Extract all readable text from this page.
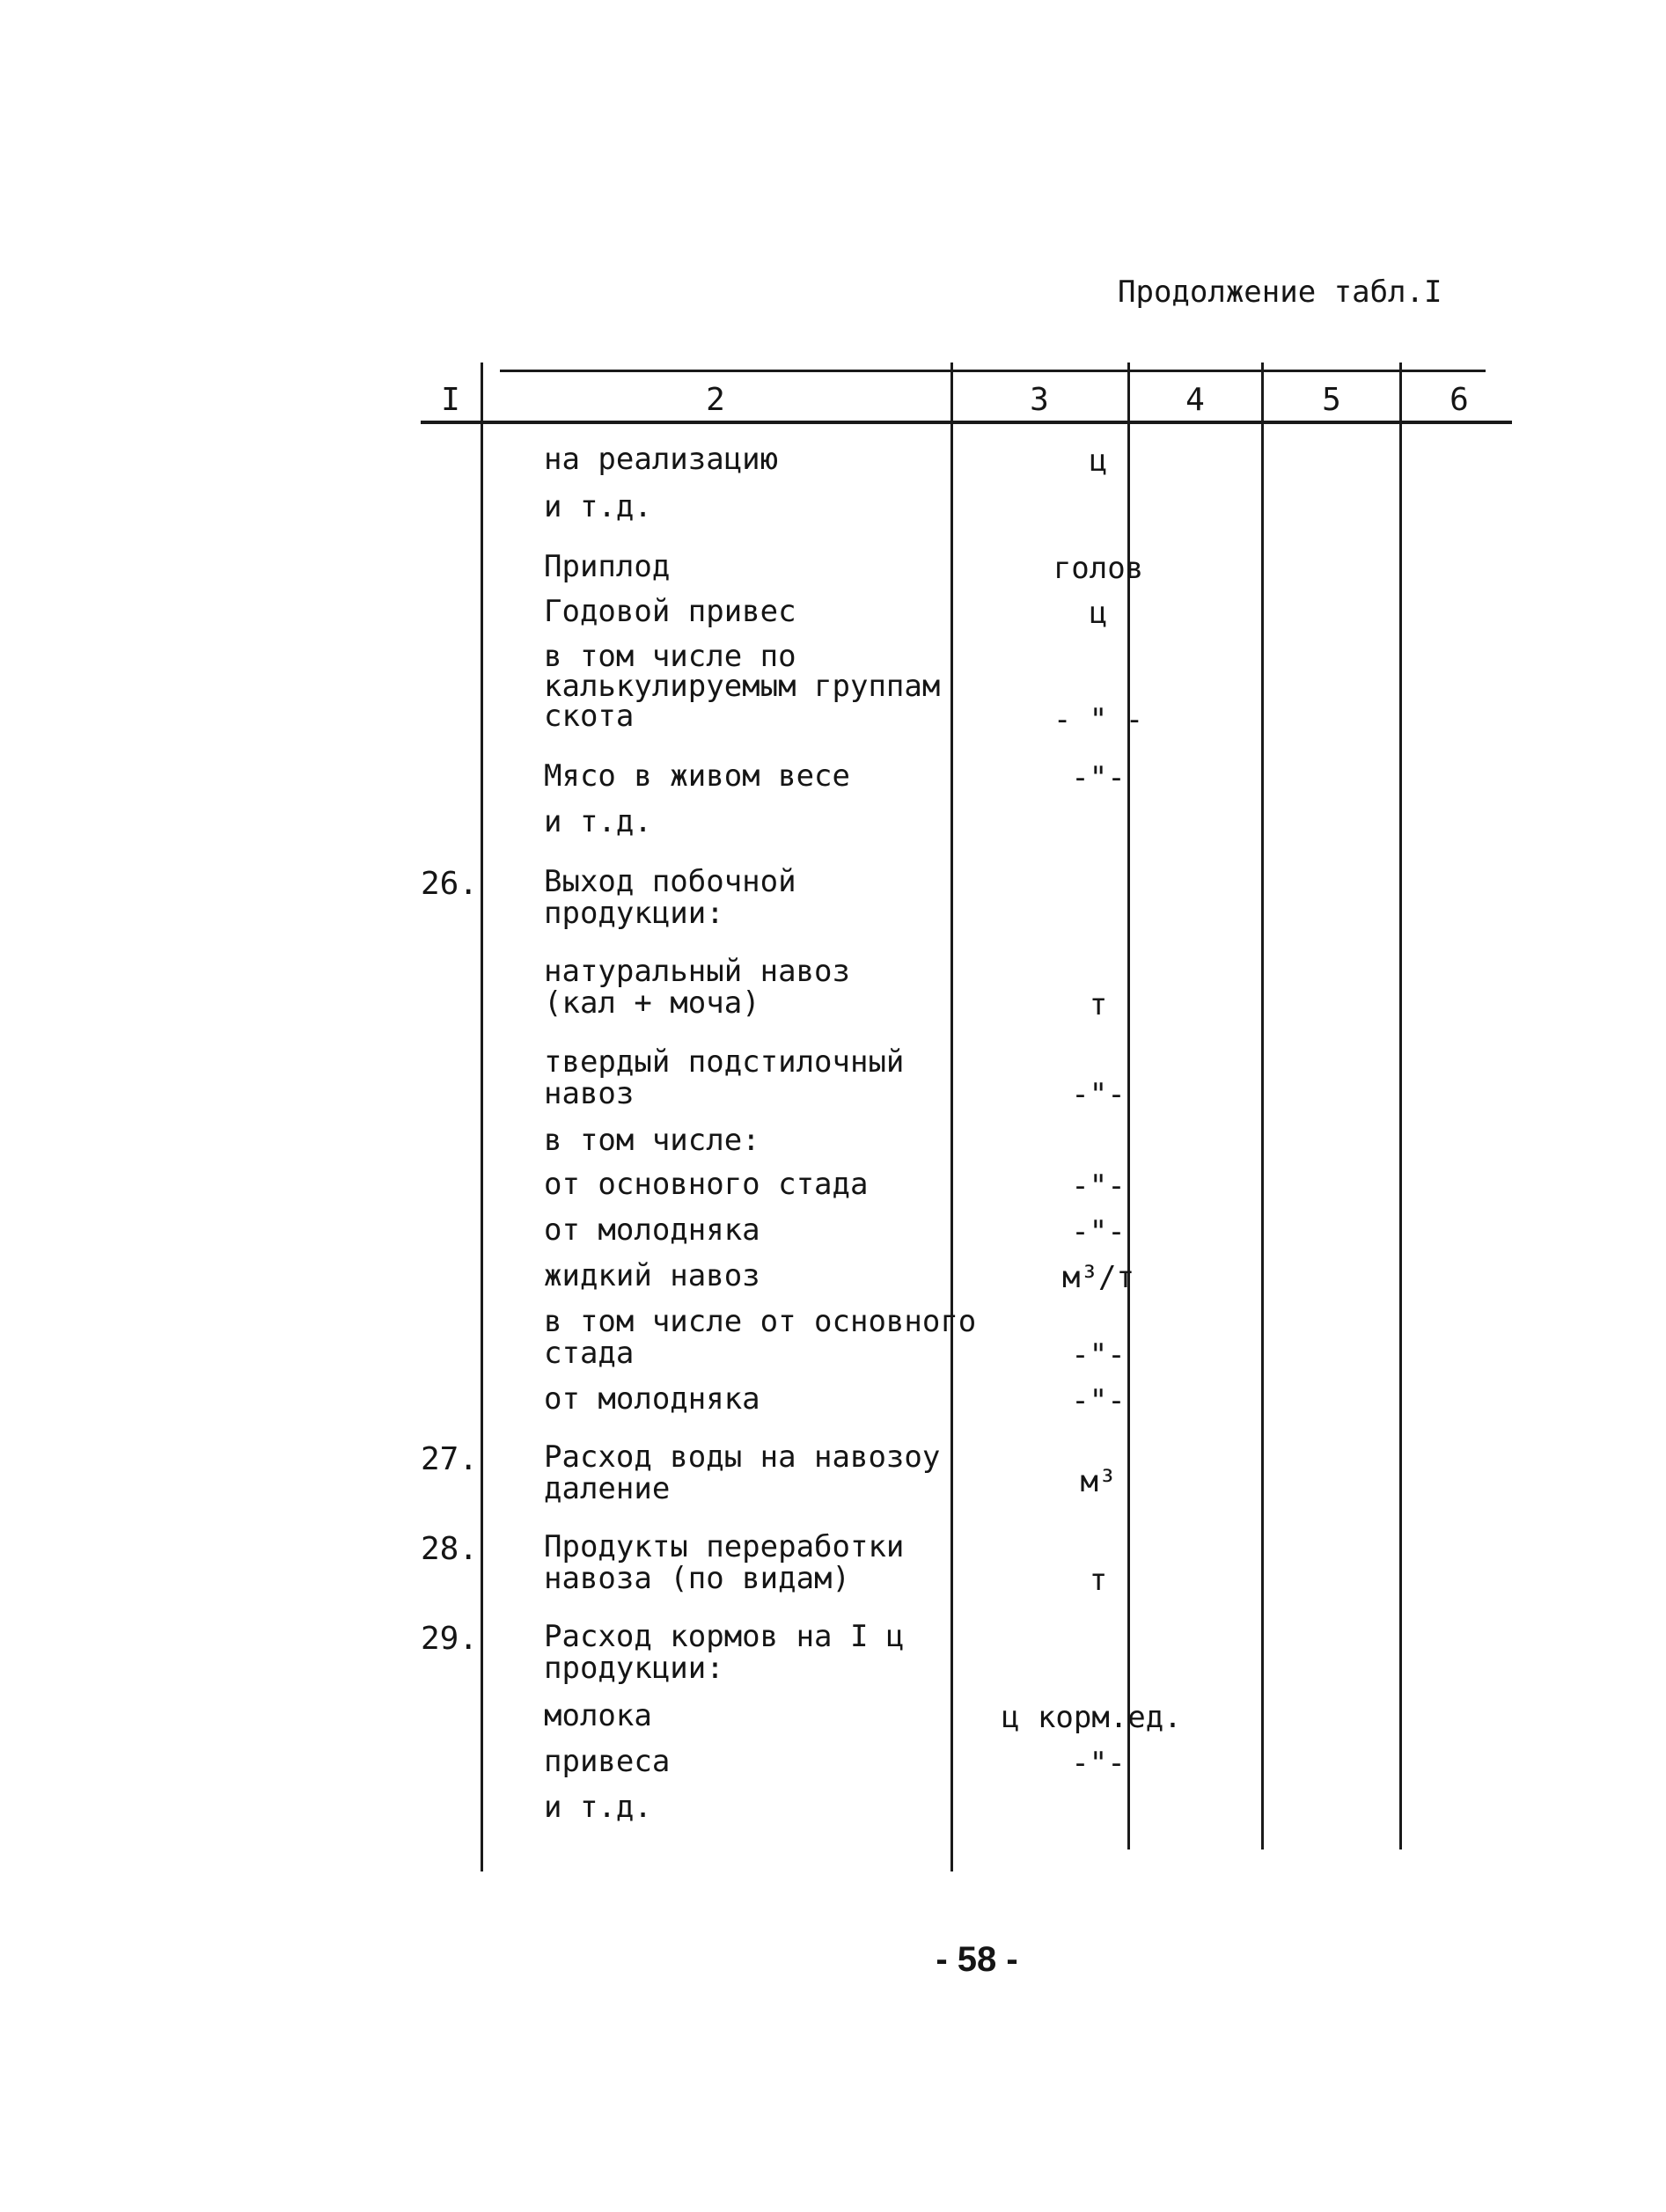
Продолжение табл.I
I	2	3	4	5	6
на реализацию	ц
и т.д.
Приплод	голов
Годовой привес	ц
в том числе по калькулируемым группам скота	- " -
Мясо в живом весе	-"-
и т.д.
26. Выход побочной продукции:
натуральный навоз (кал + моча)	т
твердый подстилочный навоз	-"-
в том числе:
от основного стада	-"-
от молодняка	-"-
жидкий навоз	м³/т
в том числе от основного стада	-"-
от молодняка	-"-
27. Расход воды на навозоудаление	м³
28. Продукты переработки навоза (по видам)	т
29. Расход кормов на I ц продукции:
молока	ц корм.ед.
привеса	-"-
и т.д.
- 58 -
